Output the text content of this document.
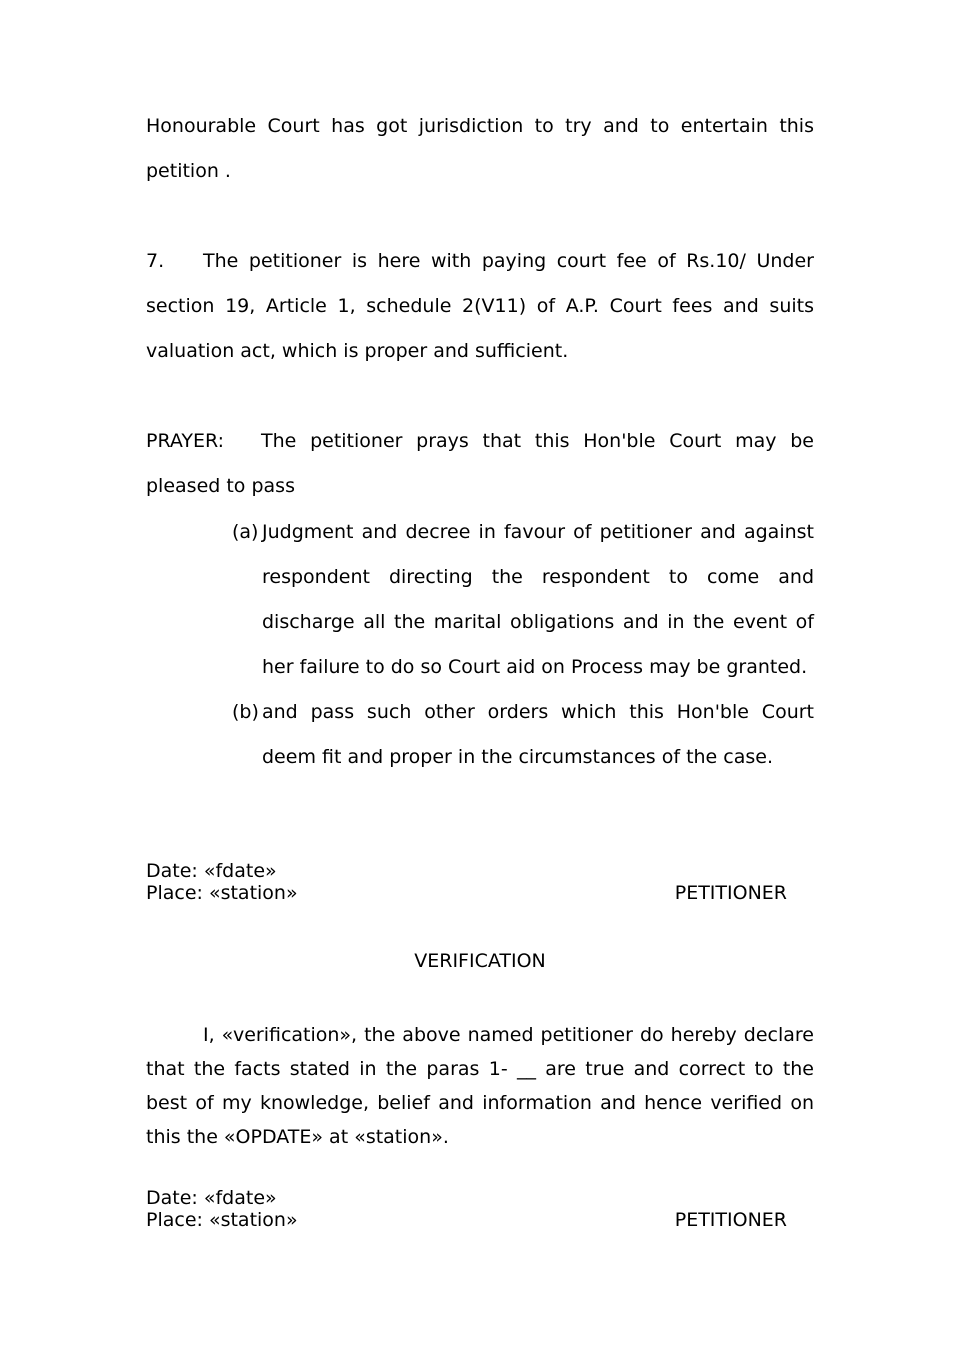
Honourable Court has got jurisdiction to try and to entertain this petition .
7. The petitioner is here with paying court fee of Rs.10/ Under section 19, Article 1, schedule 2(V11) of A.P. Court fees and suits valuation act, which is proper and sufficient.
PRAYER: The petitioner prays that this Hon'ble Court may be pleased to pass
(a) Judgment and decree in favour of petitioner and against respondent directing the respondent to come and discharge all the marital obligations and in the event of her failure to do so Court aid on Process may be granted.
(b) and pass such other orders which this Hon'ble Court deem fit and proper in the circumstances of the case.
Date: «fdate»
Place: «station»	PETITIONER
VERIFICATION
I, «verification», the above named petitioner do hereby declare that the facts stated in the paras 1- __ are true and correct to the best of my knowledge, belief and information and hence verified on this the «OPDATE» at «station».
Date: «fdate»
Place: «station»	PETITIONER
